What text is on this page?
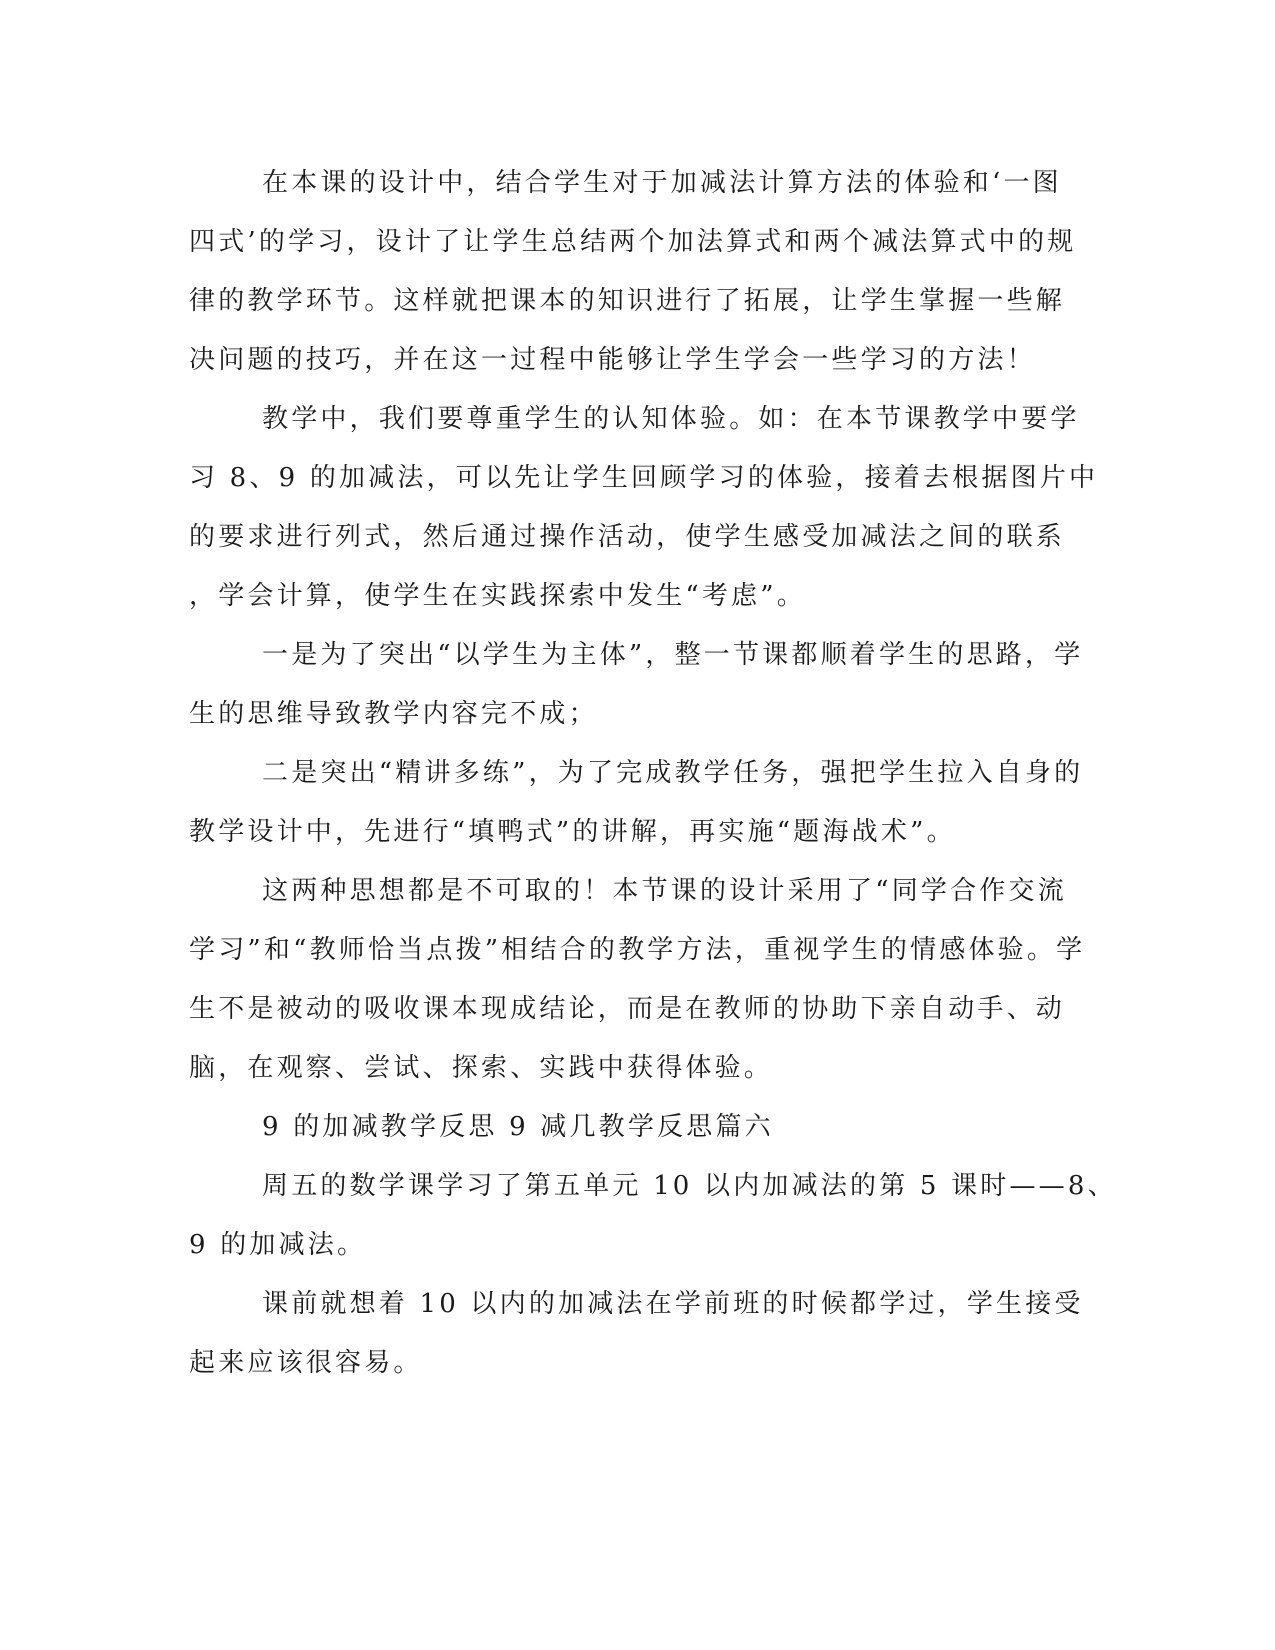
在本课的设计中，结合学生对于加减法计算方法的体验和‘一图
四式’的学习，设计了让学生总结两个加法算式和两个减法算式中的规
律的教学环节。这样就把课本的知识进行了拓展，让学生掌握一些解
决问题的技巧，并在这一过程中能够让学生学会一些学习的方法！
教学中，我们要尊重学生的认知体验。如：在本节课教学中要学
习 8、9 的加减法，可以先让学生回顾学习的体验，接着去根据图片中
的要求进行列式，然后通过操作活动，使学生感受加减法之间的联系
，学会计算，使学生在实践探索中发生“考虑”。
一是为了突出“以学生为主体”，整一节课都顺着学生的思路，学
生的思维导致教学内容完不成；
二是突出“精讲多练”，为了完成教学任务，强把学生拉入自身的
教学设计中，先进行“填鸭式”的讲解，再实施“题海战术”。
这两种思想都是不可取的！本节课的设计采用了“同学合作交流
学习”和“教师恰当点拨”相结合的教学方法，重视学生的情感体验。学
生不是被动的吸收课本现成结论，而是在教师的协助下亲自动手、动
脑，在观察、尝试、探索、实践中获得体验。
9 的加减教学反思 9 减几教学反思篇六
周五的数学课学习了第五单元 10 以内加减法的第 5 课时——8、
9 的加减法。
课前就想着 10 以内的加减法在学前班的时候都学过，学生接受
起来应该很容易。
